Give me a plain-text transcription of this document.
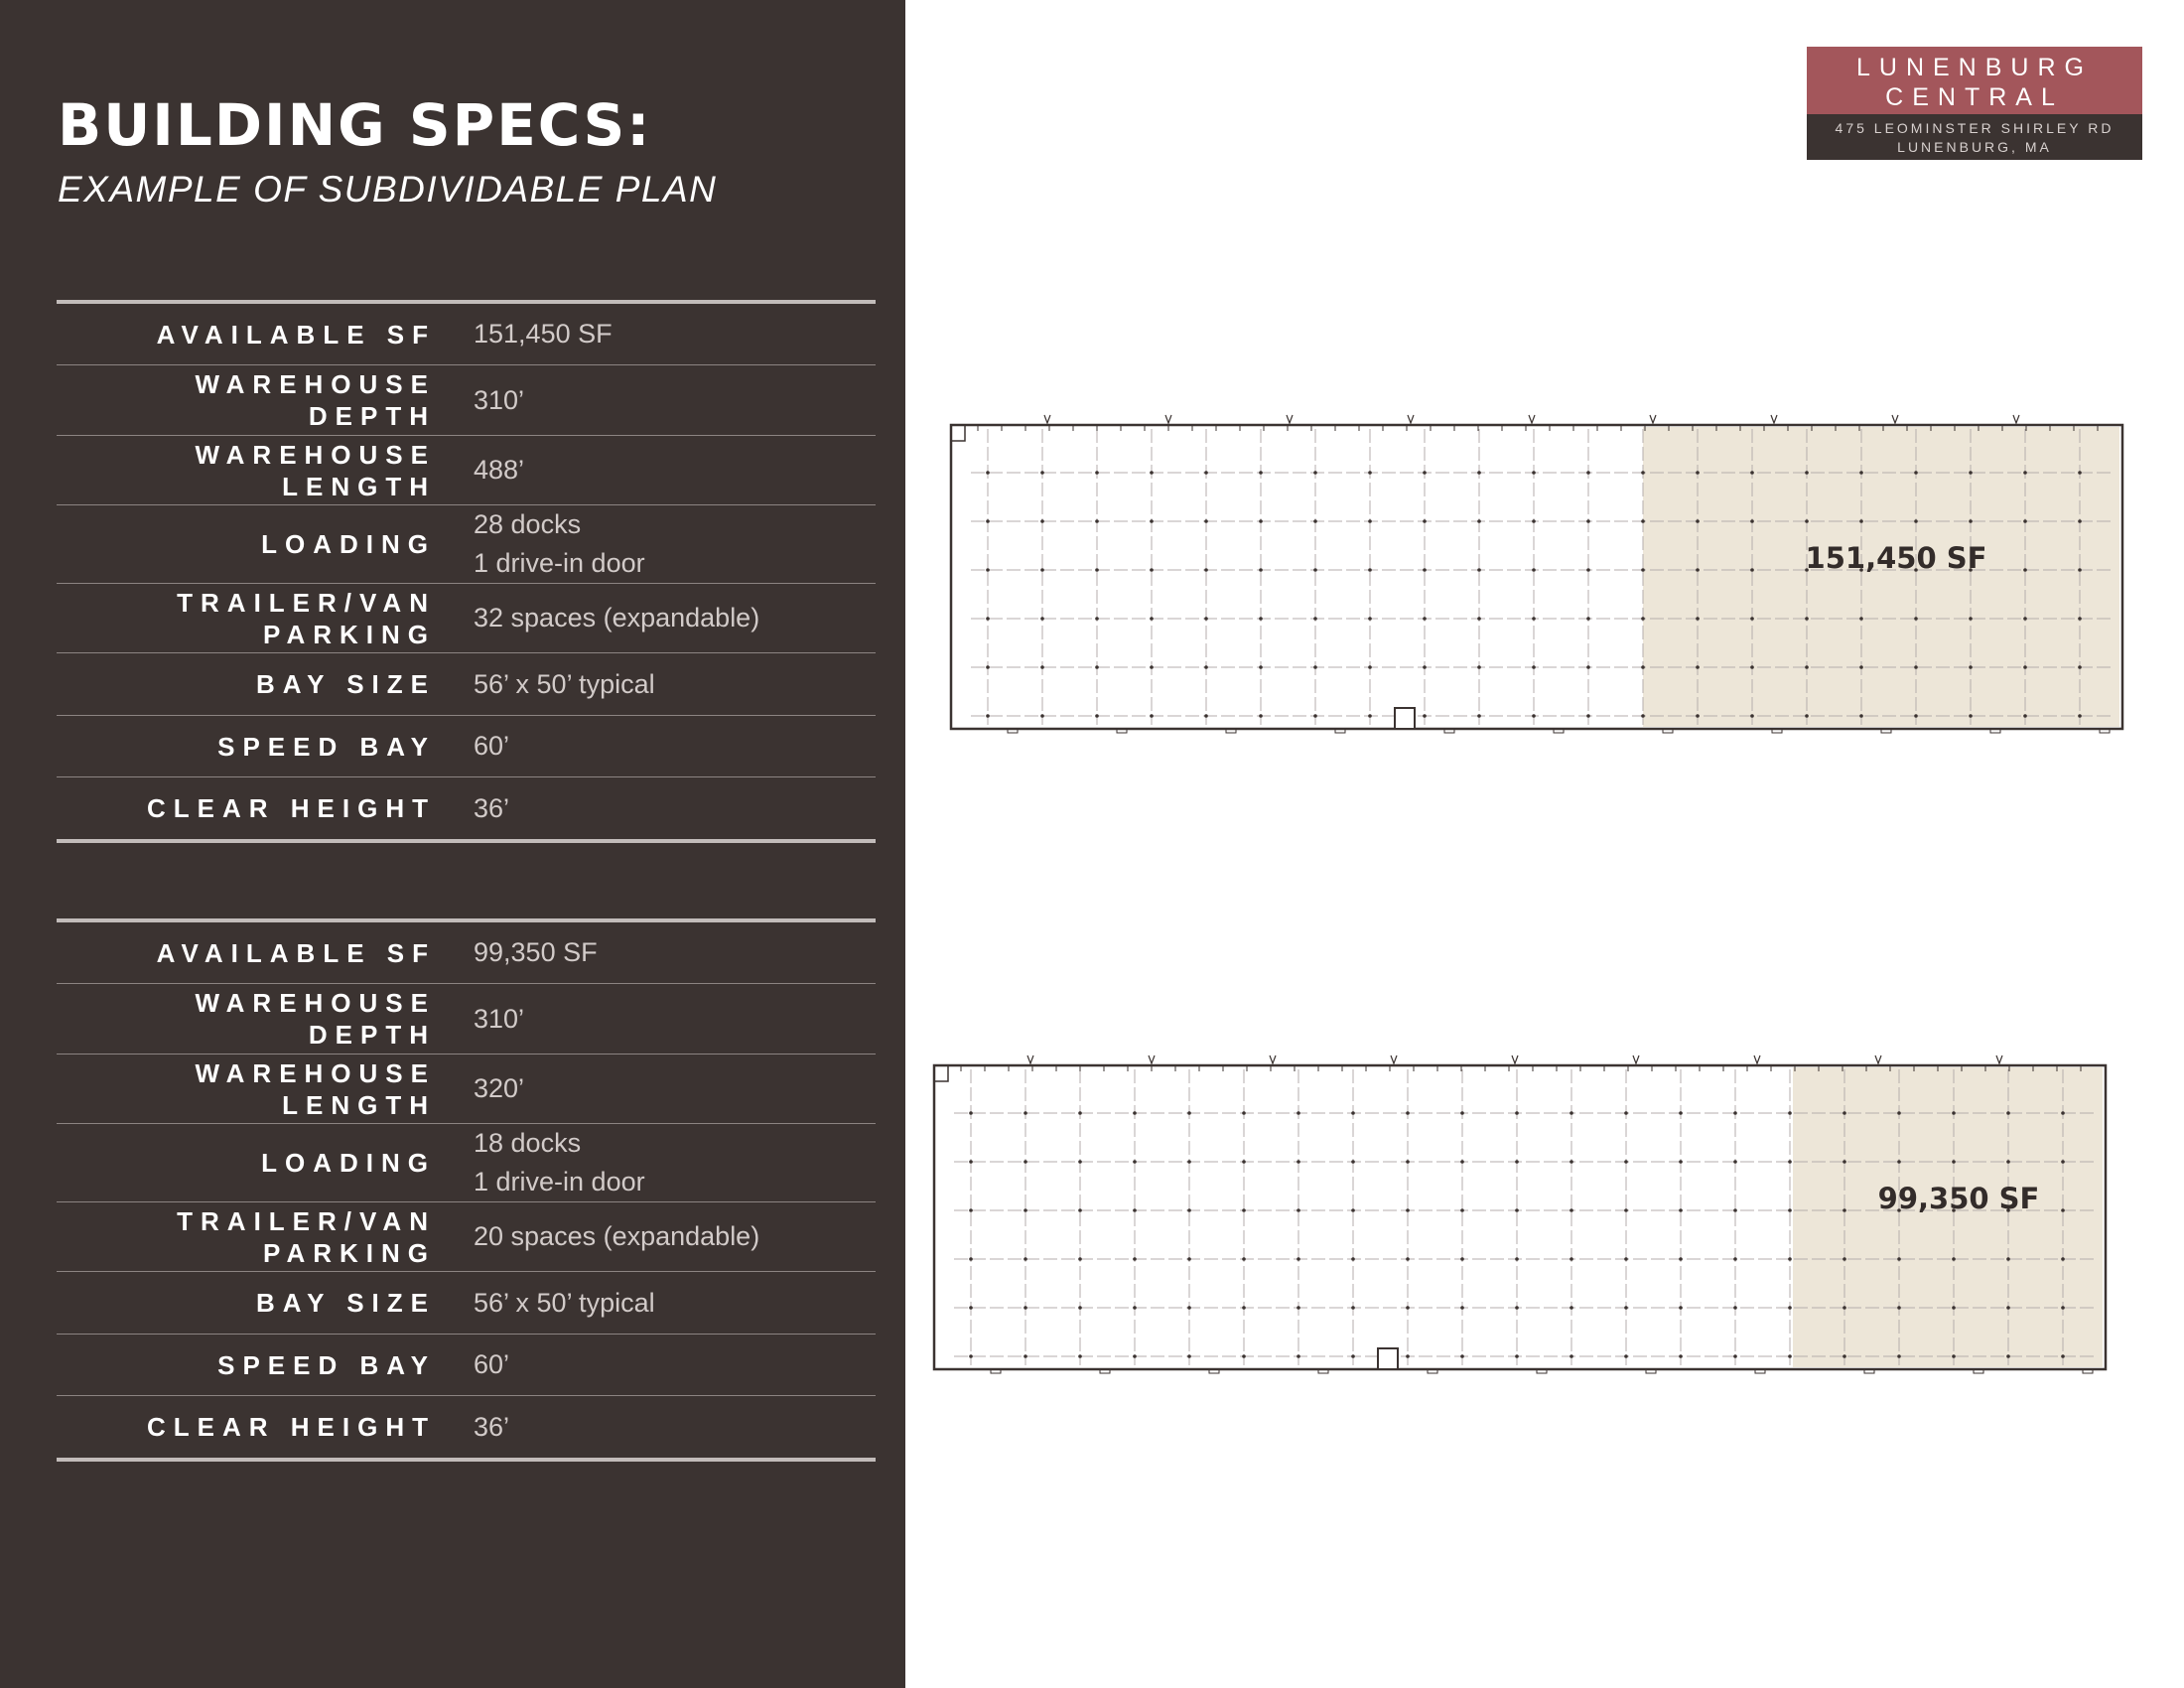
BUILDING SPECS:
EXAMPLE OF SUBDIVIDABLE PLAN
AVAILABLE SF 151,450 SF
WAREHOUSE
DEPTH
310’
WAREHOUSE
LENGTH
488’
LOADING
28 docks
1 drive-in door
TRAILER/VAN
PARKING
32 spaces (expandable)
BAY SIZE 56’ x 50’ typical
SPEED BAY 60’
CLEAR HEIGHT 36’
AVAILABLE SF 99,350 SF
WAREHOUSE
DEPTH
310’
WAREHOUSE
LENGTH
320’
LOADING
18 docks
1 drive-in door
TRAILER/VAN
PARKING
20 spaces (expandable)
BAY SIZE 56’ x 50’ typical
SPEED BAY 60’
CLEAR HEIGHT 36’
LUNENBURG
CENTRAL
475 LEOMINSTER SHIRLEY RD
LUNENBURG, MA
151,450 SF
99,350 SF
